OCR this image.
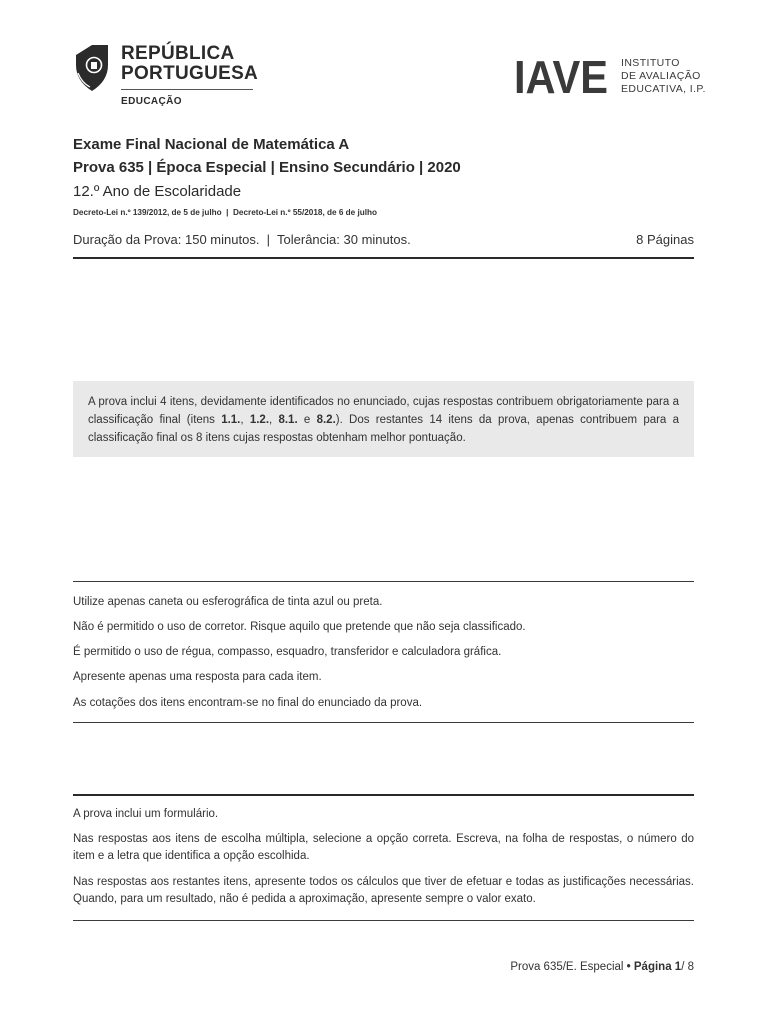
REPÚBLICA
PORTUGUESA
EDUCAÇÃO	IAVE INSTITUTO
DE AVALIAÇÃO
EDUCATIVA, I.P.
Exame Final Nacional de Matemática A
Prova 635 | Época Especial | Ensino Secundário | 2020
12.º Ano de Escolaridade
Decreto-Lei n.º 139/2012, de 5 de julho  |  Decreto-Lei n.º 55/2018, de 6 de julho
Duração da Prova: 150 minutos.  |  Tolerância: 30 minutos.	8 Páginas
A prova inclui 4 itens, devidamente identificados no enunciado, cujas respostas contribuem obrigatoriamente para a classificação final (itens 1.1., 1.2., 8.1. e 8.2.). Dos restantes 14 itens da prova, apenas contribuem para a classificação final os 8 itens cujas respostas obtenham melhor pontuação.
Utilize apenas caneta ou esferográfica de tinta azul ou preta.
Não é permitido o uso de corretor. Risque aquilo que pretende que não seja classificado.
É permitido o uso de régua, compasso, esquadro, transferidor e calculadora gráfica.
Apresente apenas uma resposta para cada item.
As cotações dos itens encontram-se no final do enunciado da prova.
A prova inclui um formulário.
Nas respostas aos itens de escolha múltipla, selecione a opção correta. Escreva, na folha de respostas, o número do item e a letra que identifica a opção escolhida.
Nas respostas aos restantes itens, apresente todos os cálculos que tiver de efetuar e todas as justificações necessárias. Quando, para um resultado, não é pedida a aproximação, apresente sempre o valor exato.
Prova 635/E. Especial • Página 1/ 8
